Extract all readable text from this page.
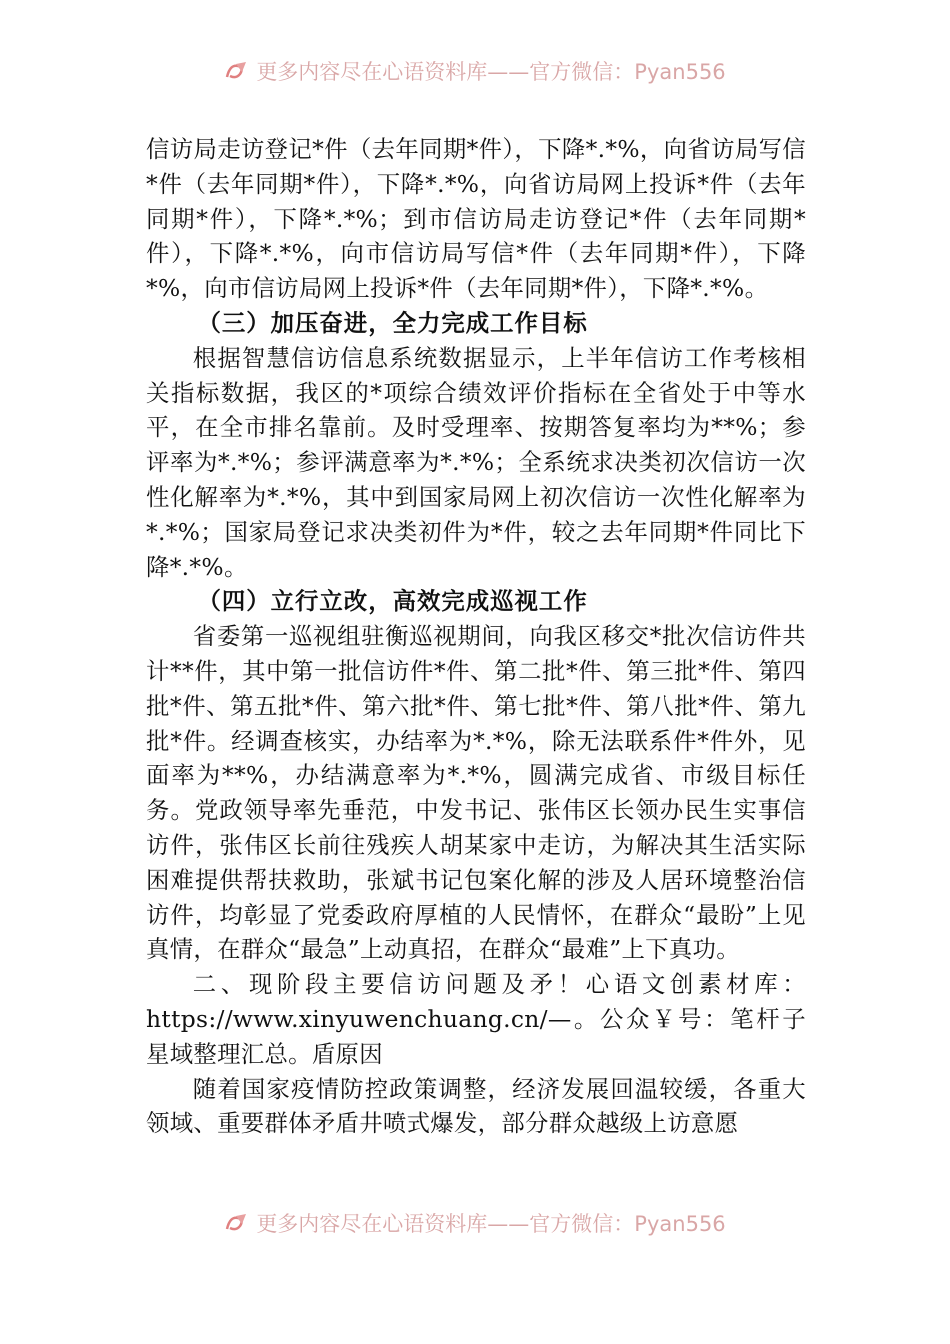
更多内容尽在心语资料库——官方微信：Pyan556

信访局走访登记*件（去年同期*件），下降*.*%，向省访局写信*件（去年同期*件），下降*.*%，向省访局网上投诉*件（去年同期*件），下降*.*%；到市信访局走访登记*件（去年同期*件），下降*.*%，向市信访局写信*件（去年同期*件），下降*%，向市信访局网上投诉*件（去年同期*件），下降*.*%。

（三）加压奋进，全力完成工作目标

根据智慧信访信息系统数据显示，上半年信访工作考核相关指标数据，我区的*项综合绩效评价指标在全省处于中等水平，在全市排名靠前。及时受理率、按期答复率均为**%；参评率为*.*%；参评满意率为*.*%；全系统求决类初次信访一次性化解率为*.*%，其中到国家局网上初次信访一次性化解率为*.*%；国家局登记求决类初件为*件，较之去年同期*件同比下降*.*%。

（四）立行立改，高效完成巡视工作

省委第一巡视组驻衡巡视期间，向我区移交*批次信访件共计**件，其中第一批信访件*件、第二批*件、第三批*件、第四批*件、第五批*件、第六批*件、第七批*件、第八批*件、第九批*件。经调查核实，办结率为*.*%，除无法联系件*件外，见面率为**%，办结满意率为*.*%，圆满完成省、市级目标任务。党政领导率先垂范，中发书记、张伟区长领办民生实事信访件，张伟区长前往残疾人胡某家中走访，为解决其生活实际困难提供帮扶救助，张斌书记包案化解的涉及人居环境整治信访件，均彰显了党委政府厚植的人民情怀，在群众“最盼”上见真情，在群众“最急”上动真招，在群众“最难”上下真功。

二、现阶段主要信访问题及矛！心语文创素材库：https://www.xinyuwenchuang.cn/—。公众￥号：笔杆子星域整理汇总。盾原因

随着国家疫情防控政策调整，经济发展回温较缓，各重大领域、重要群体矛盾井喷式爆发，部分群众越级上访意愿

更多内容尽在心语资料库——官方微信：Pyan556
